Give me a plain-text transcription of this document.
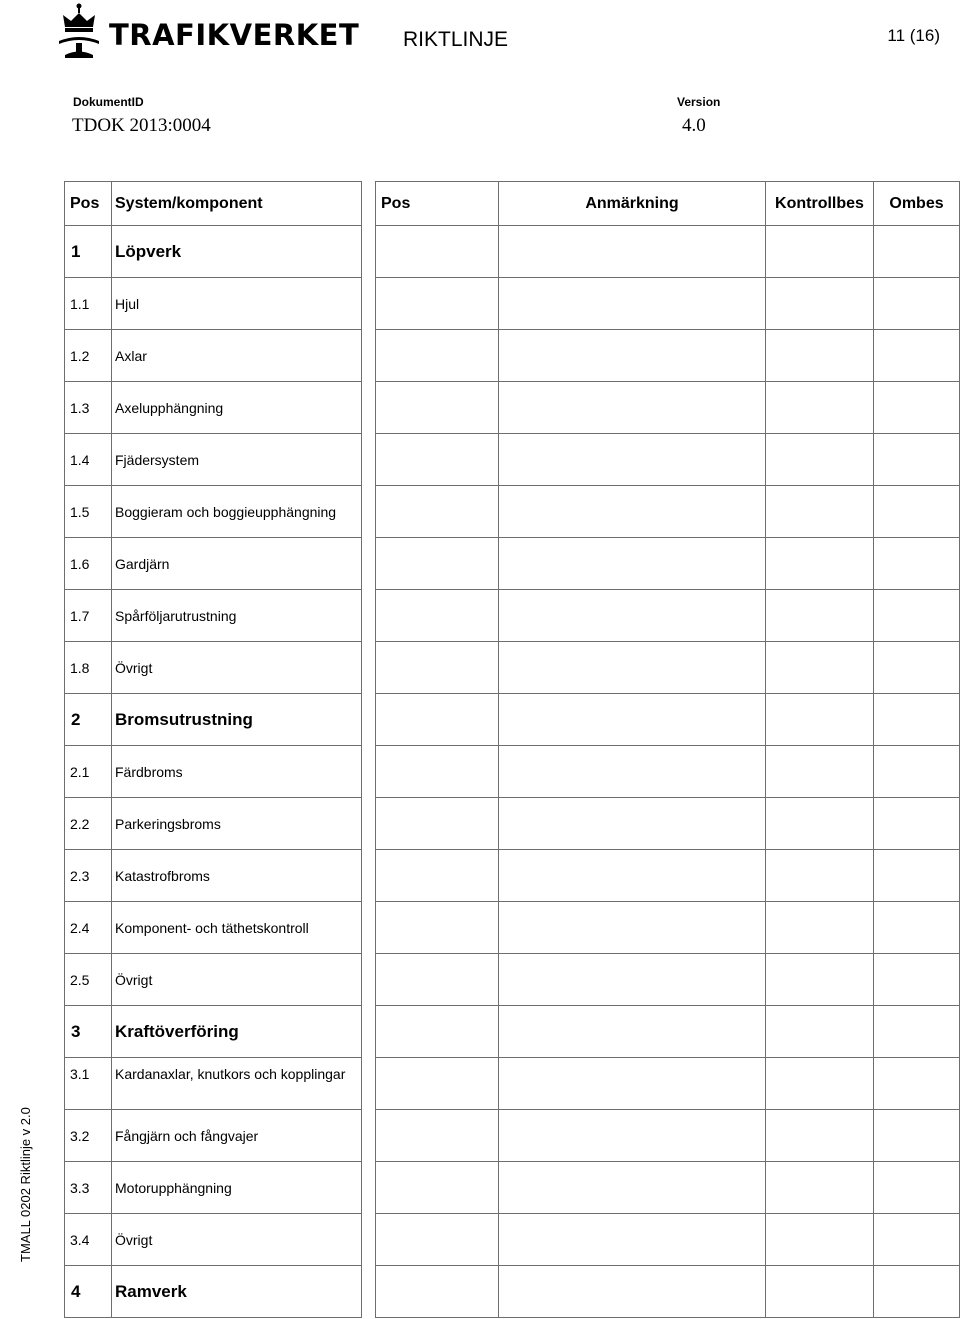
TRAFIKVERKET RIKTLINJE	11 (16)
DokumentID
TDOK 2013:0004
Version
4.0
Pos	System/komponent
1	Löpverk
1.1	Hjul
1.2	Axlar
1.3	Axelupphängning
1.4	Fjädersystem
1.5	Boggieram och boggieupphängning
1.6	Gardjärn
1.7	Spårföljarutrustning
1.8	Övrigt
2	Bromsutrustning
2.1	Färdbroms
2.2	Parkeringsbroms
2.3	Katastrofbroms
2.4	Komponent- och täthetskontroll
2.5	Övrigt
3	Kraftöverföring
3.1	Kardanaxlar, knutkors och kopplingar
3.2	Fångjärn och fångvajer
3.3	Motorupphängning
3.4	Övrigt
4	Ramverk
Pos	Anmärkning	Kontrollbes	Ombes

TMALL 0202 Riktlinje v 2.0
